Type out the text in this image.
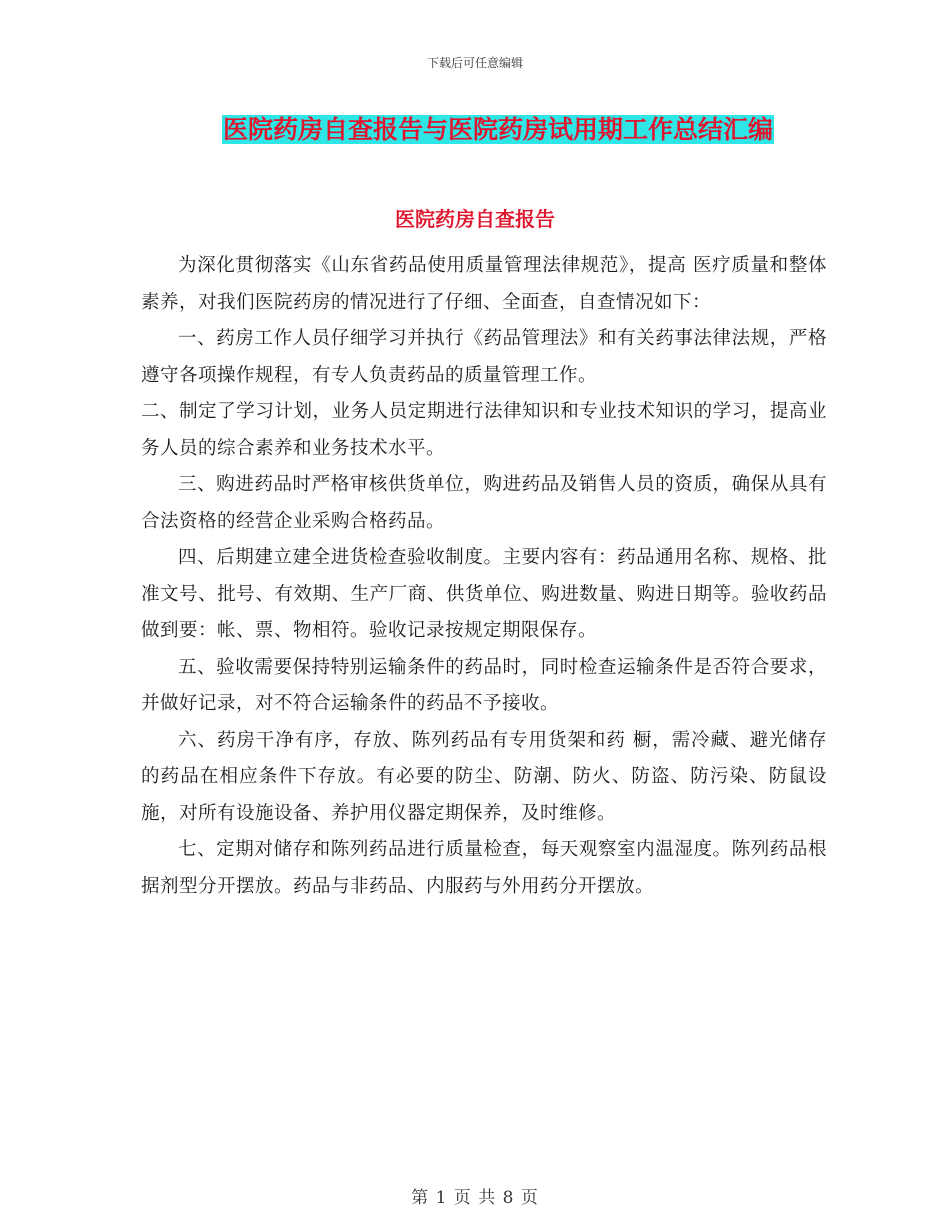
下载后可任意编辑
医院药房自查报告与医院药房试用期工作总结汇编
医院药房自查报告

为深化贯彻落实《山东省药品使用质量管理法律规范》，提高 医疗质量和整体素养，对我们医院药房的情况进行了仔细、全面查，自查情况如下：

一、药房工作人员仔细学习并执行《药品管理法》和有关药事法律法规，严格遵守各项操作规程，有专人负责药品的质量管理工作。

二、制定了学习计划，业务人员定期进行法律知识和专业技术知识的学习，提高业务人员的综合素养和业务技术水平。

三、购进药品时严格审核供货单位，购进药品及销售人员的资质，确保从具有合法资格的经营企业采购合格药品。

四、后期建立建全进货检查验收制度。主要内容有：药品通用名称、规格、批准文号、批号、有效期、生产厂商、供货单位、购进数量、购进日期等。验收药品做到要：帐、票、物相符。验收记录按规定期限保存。

五、验收需要保持特别运输条件的药品时，同时检查运输条件是否符合要求，并做好记录，对不符合运输条件的药品不予接收。

六、药房干净有序，存放、陈列药品有专用货架和药 橱，需冷藏、避光储存的药品在相应条件下存放。有必要的防尘、防潮、防火、防盗、防污染、防鼠设施，对所有设施设备、养护用仪器定期保养，及时维修。

七、定期对储存和陈列药品进行质量检查，每天观察室内温湿度。陈列药品根据剂型分开摆放。药品与非药品、内服药与外用药分开摆放。

第 1 页 共 8 页
